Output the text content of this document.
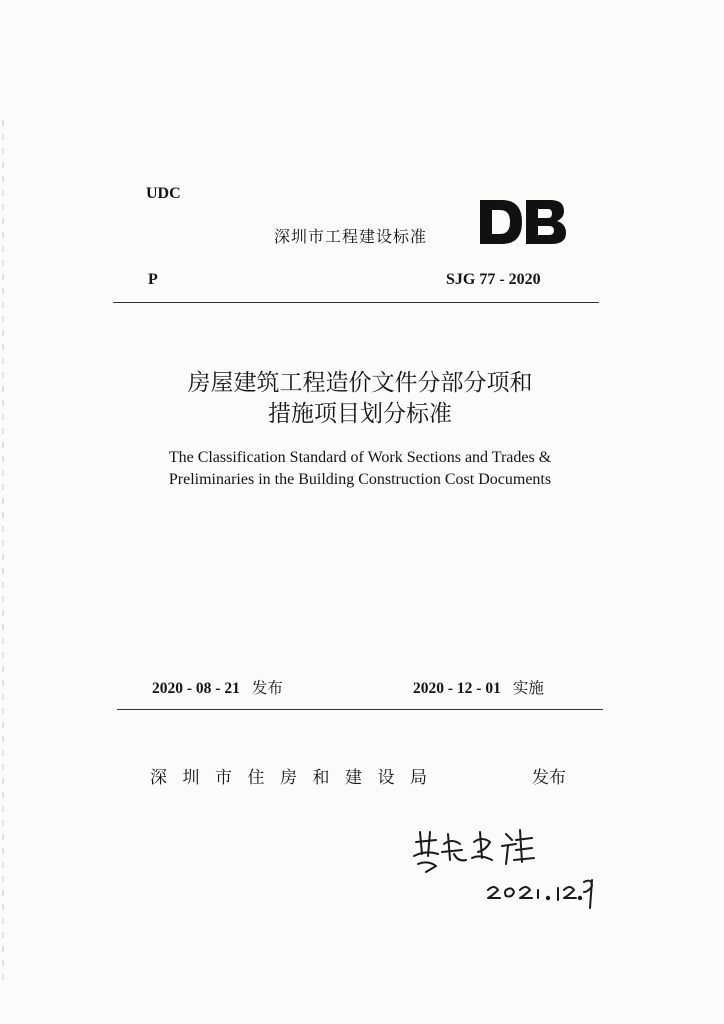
UDC
深圳市工程建设标准
P	SJG 77 - 2020
房屋建筑工程造价文件分部分项和
措施项目划分标准
The Classification Standard of Work Sections and Trades &
Preliminaries in the Building Construction Cost Documents
2020 - 08 - 21 发布	2020 - 12 - 01 实施
深圳市住房和建设局	发布
